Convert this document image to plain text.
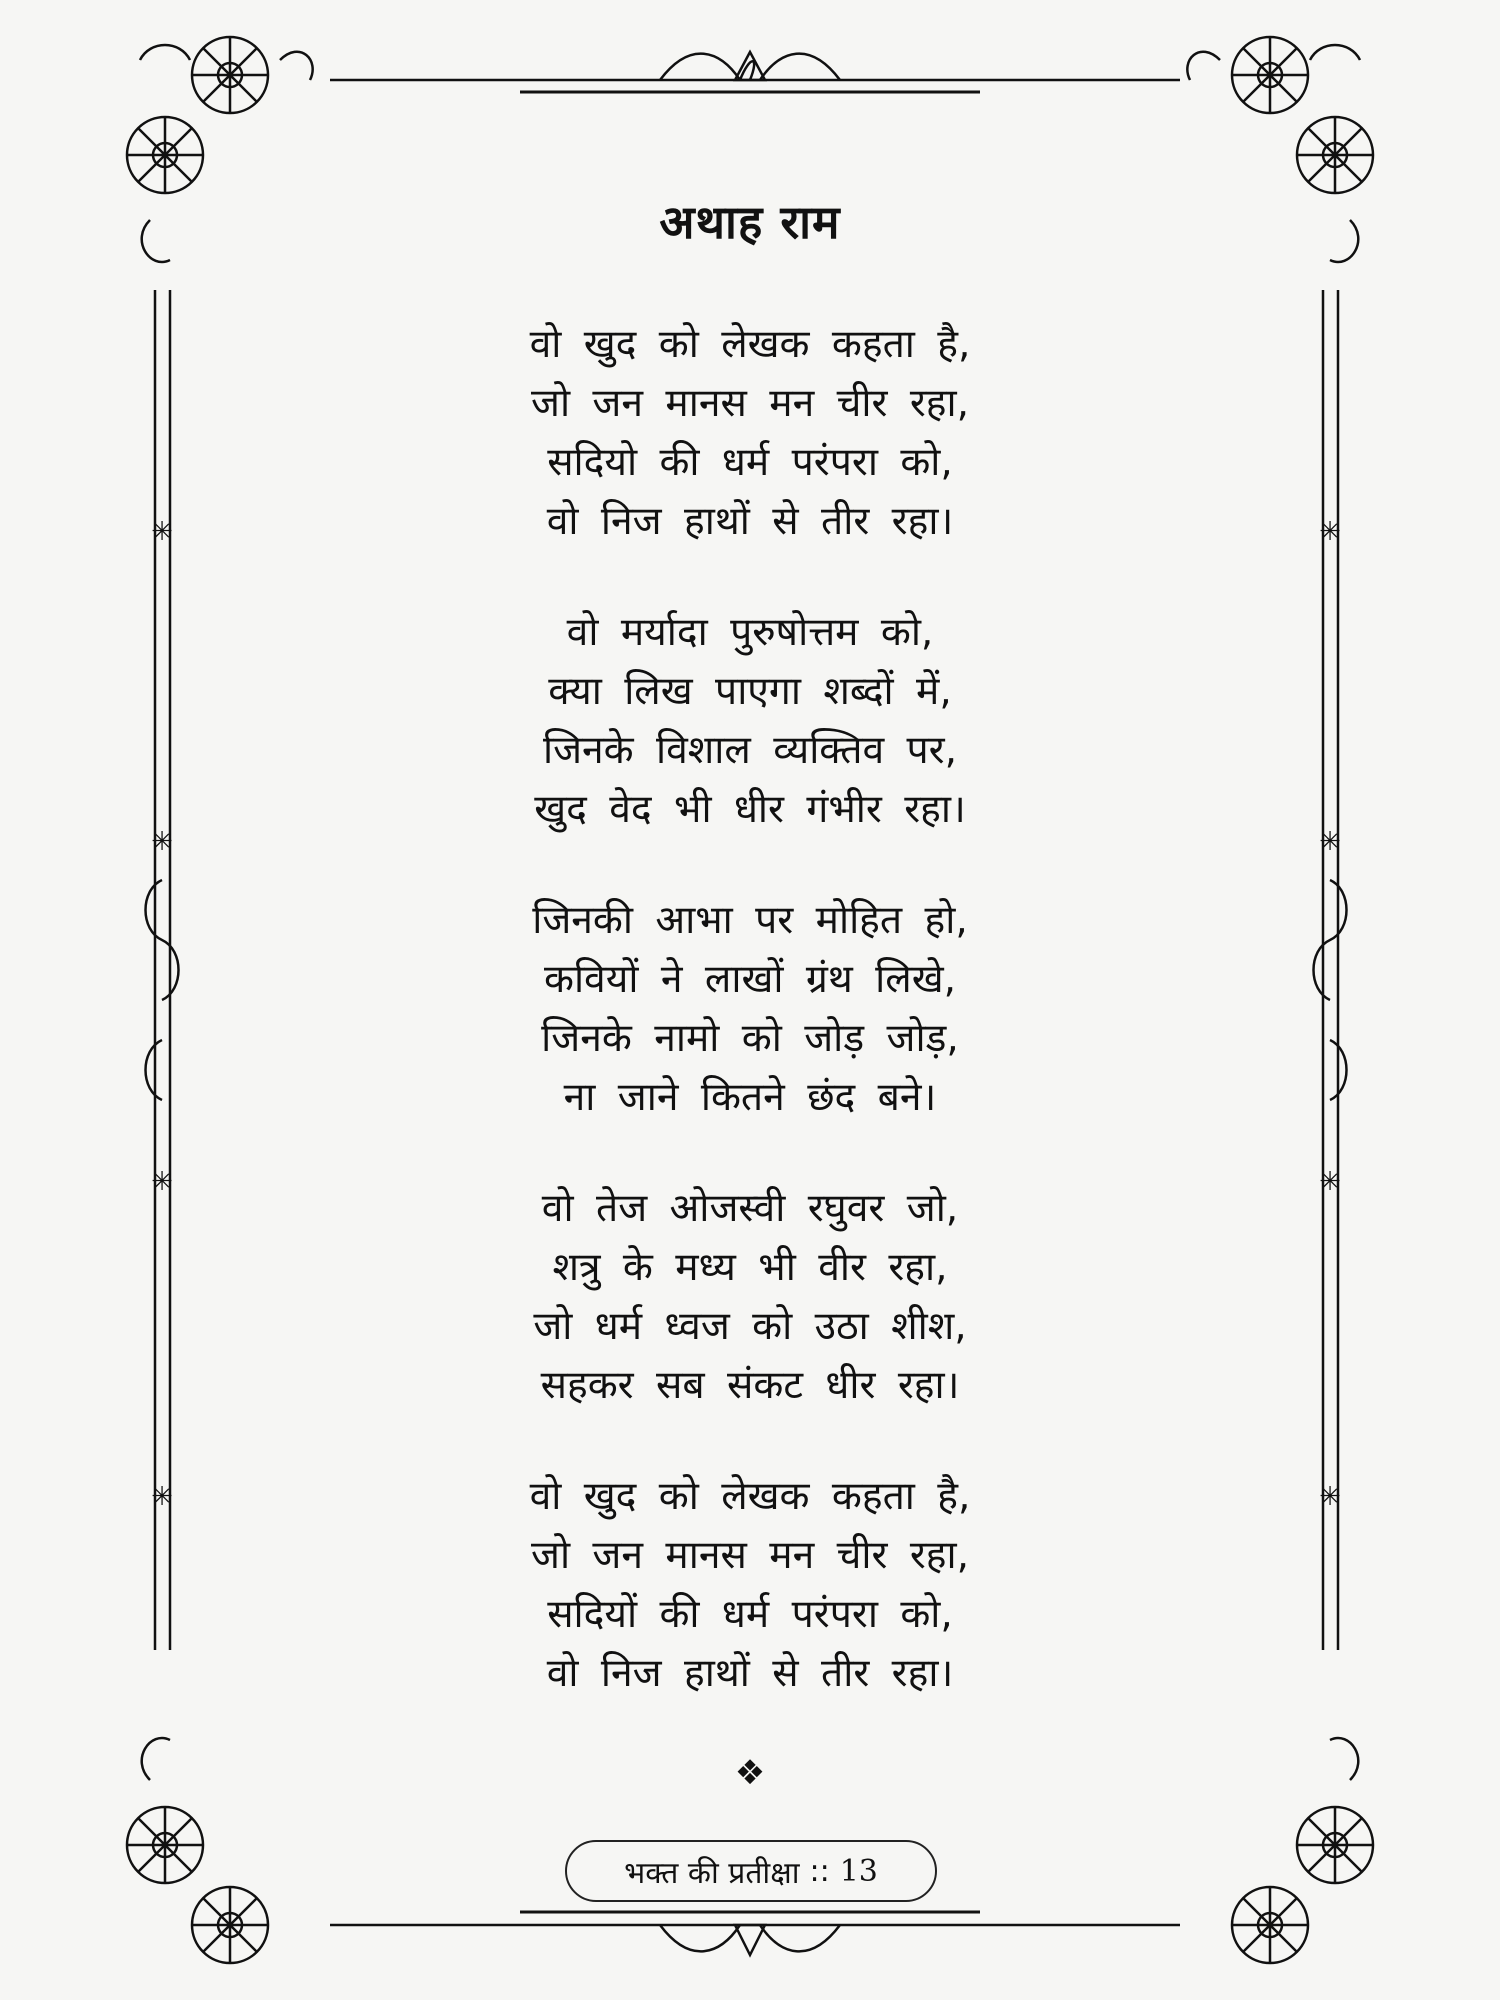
✳	✳
✳	✳
✳	✳
✳	✳
अथाह राम
वो खुद को लेखक कहता है,
जो जन मानस मन चीर रहा,
सदियो की धर्म परंपरा को,
वो निज हाथों से तीर रहा।
वो मर्यादा पुरुषोत्तम को,
क्या लिख पाएगा शब्दों में,
जिनके विशाल व्यक्तिव पर,
खुद वेद भी धीर गंभीर रहा।
जिनकी आभा पर मोहित हो,
कवियों ने लाखों ग्रंथ लिखे,
जिनके नामो को जोड़ जोड़,
ना जाने कितने छंद बने।
वो तेज ओजस्वी रघुवर जो,
शत्रु के मध्य भी वीर रहा,
जो धर्म ध्वज को उठा शीश,
सहकर सब संकट धीर रहा।
वो खुद को लेखक कहता है,
जो जन मानस मन चीर रहा,
सदियों की धर्म परंपरा को,
वो निज हाथों से तीर रहा।
❖
भक्त की प्रतीक्षा :: 13
